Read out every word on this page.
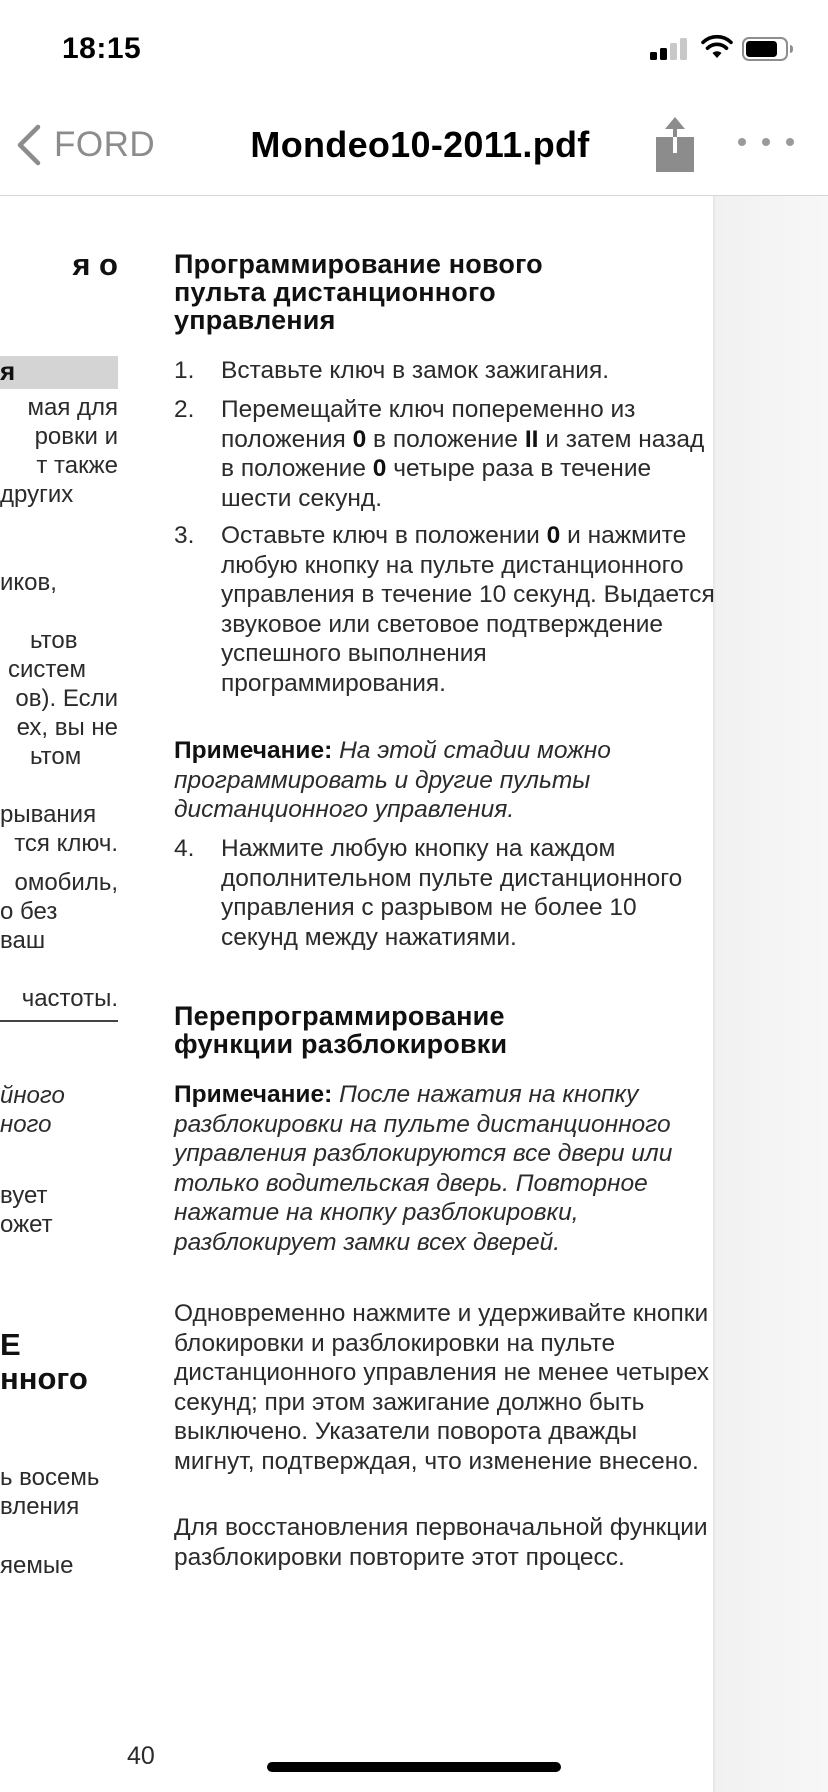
18:15
FORD	Mondeo10-2011.pdf
я о
я
мая для
ровки и
т также
других
иков,
ьтов
систем
ов). Если
ех, вы не
ьтом
рывания
тся ключ.
омобиль,
о без
ваш
частоты.
йного
ного
вует
ожет
Е
нного
ь восемь
вления
яемые
Программирование нового
пульта дистанционного
управления
1. Вставьте ключ в замок зажигания.
2. Перемещайте ключ попеременно из положения 0 в положение II и затем назад в положение 0 четыре раза в течение шести секунд.
3. Оставьте ключ в положении 0 и нажмите любую кнопку на пульте дистанционного управления в течение 10 секунд. Выдается звуковое или световое подтверждение успешного выполнения программирования.
Примечание: На этой стадии можно программировать и другие пульты дистанционного управления.
4. Нажмите любую кнопку на каждом дополнительном пульте дистанционного управления с разрывом не более 10 секунд между нажатиями.
Перепрограммирование
функции разблокировки
Примечание: После нажатия на кнопку разблокировки на пульте дистанционного управления разблокируются все двери или только водительская дверь. Повторное нажатие на кнопку разблокировки, разблокирует замки всех дверей.
Одновременно нажмите и удерживайте кнопки блокировки и разблокировки на пульте дистанционного управления не менее четырех секунд; при этом зажигание должно быть выключено. Указатели поворота дважды мигнут, подтверждая, что изменение внесено.
Для восстановления первоначальной функции разблокировки повторите этот процесс.
40
